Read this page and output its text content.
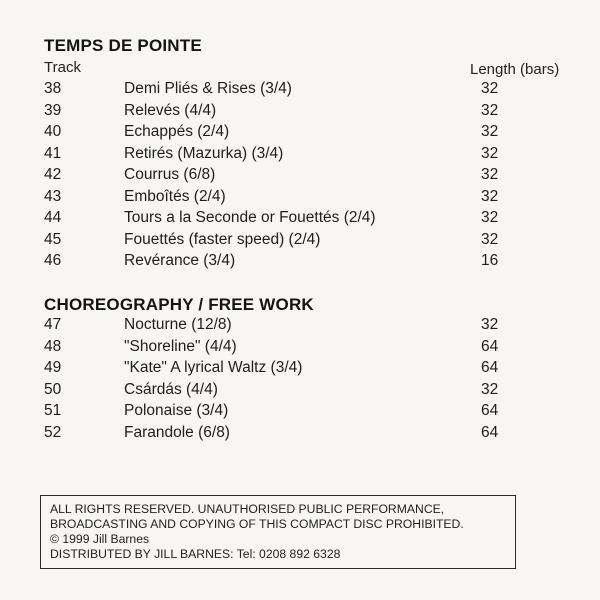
TEMPS DE POINTE
Track	Length (bars)
38	Demi Pliés & Rises (3/4)	32
39	Relevés (4/4)	32
40	Echappés (2/4)	32
41	Retirés (Mazurka) (3/4)	32
42	Courrus (6/8)	32
43	Emboîtés (2/4)	32
44	Tours a la Seconde or Fouettés (2/4)	32
45	Fouettés (faster speed) (2/4)	32
46	Revérance (3/4)	16
CHOREOGRAPHY / FREE WORK
47	Nocturne (12/8)	32
48	"Shoreline" (4/4)	64
49	"Kate" A lyrical Waltz (3/4)	64
50	Csárdás (4/4)	32
51	Polonaise (3/4)	64
52	Farandole (6/8)	64
ALL RIGHTS RESERVED. UNAUTHORISED PUBLIC PERFORMANCE,
BROADCASTING AND COPYING OF THIS COMPACT DISC PROHIBITED.
© 1999 Jill Barnes
DISTRIBUTED BY JILL BARNES: Tel: 0208 892 6328
